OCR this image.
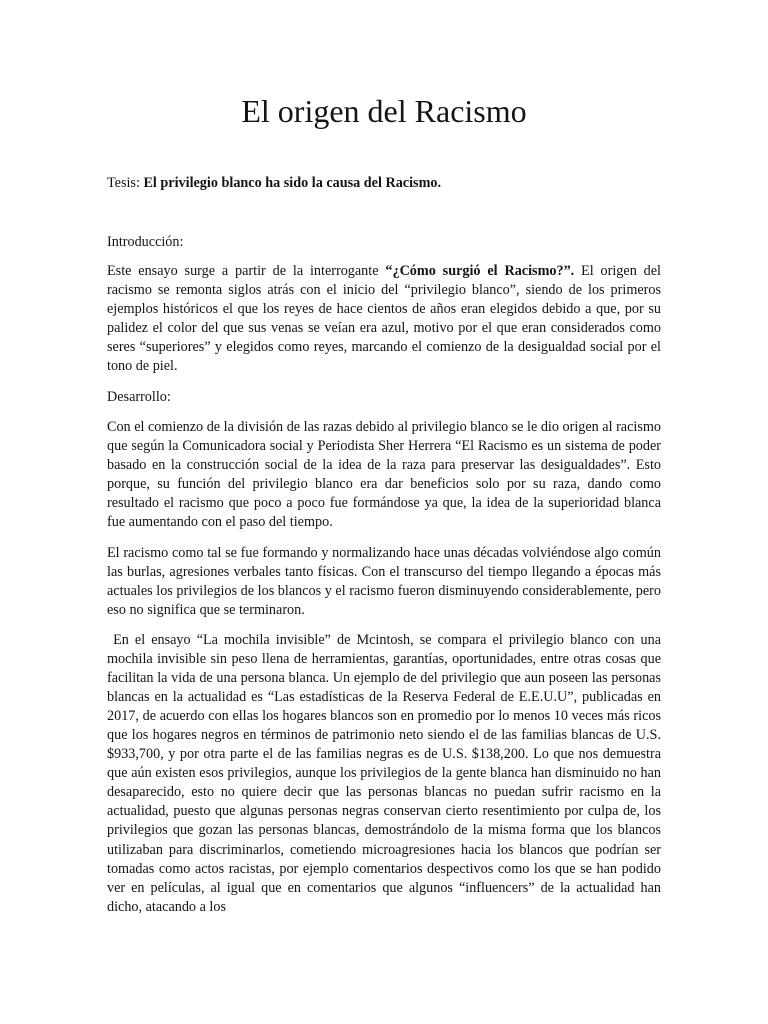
El origen del Racismo

Tesis: El privilegio blanco ha sido la causa del Racismo.

Introducción:

Este ensayo surge a partir de la interrogante “¿Cómo surgió el Racismo?”. El origen del racismo se remonta siglos atrás con el inicio del “privilegio blanco”, siendo de los primeros ejemplos históricos el que los reyes de hace cientos de años eran elegidos debido a que, por su palidez el color del que sus venas se veían era azul, motivo por el que eran considerados como seres “superiores” y elegidos como reyes, marcando el comienzo de la desigualdad social por el tono de piel.

Desarrollo:

Con el comienzo de la división de las razas debido al privilegio blanco se le dio origen al racismo que según la Comunicadora social y Periodista Sher Herrera “El Racismo es un sistema de poder basado en la construcción social de la idea de la raza para preservar las desigualdades”. Esto porque, su función del privilegio blanco era dar beneficios solo por su raza, dando como resultado el racismo que poco a poco fue formándose ya que, la idea de la superioridad blanca fue aumentando con el paso del tiempo.

El racismo como tal se fue formando y normalizando hace unas décadas volviéndose algo común las burlas, agresiones verbales tanto físicas. Con el transcurso del tiempo llegando a épocas más actuales los privilegios de los blancos y el racismo fueron disminuyendo considerablemente, pero eso no significa que se terminaron.

En el ensayo “La mochila invisible” de Mcintosh, se compara el privilegio blanco con una mochila invisible sin peso llena de herramientas, garantías, oportunidades, entre otras cosas que facilitan la vida de una persona blanca. Un ejemplo de del privilegio que aun poseen las personas blancas en la actualidad es “Las estadísticas de la Reserva Federal de E.E.U.U”, publicadas en 2017, de acuerdo con ellas los hogares blancos son en promedio por lo menos 10 veces más ricos que los hogares negros en términos de patrimonio neto siendo el de las familias blancas de U.S. $933,700, y por otra parte el de las familias negras es de U.S. $138,200. Lo que nos demuestra que aún existen esos privilegios, aunque los privilegios de la gente blanca han disminuido no han desaparecido, esto no quiere decir que las personas blancas no puedan sufrir racismo en la actualidad, puesto que algunas personas negras conservan cierto resentimiento por culpa de, los privilegios que gozan las personas blancas, demostrándolo de la misma forma que los blancos utilizaban para discriminarlos, cometiendo microagresiones hacia los blancos que podrían ser tomadas como actos racistas, por ejemplo comentarios despectivos como los que se han podido ver en películas, al igual que en comentarios que algunos “influencers” de la actualidad han dicho, atacando a los
